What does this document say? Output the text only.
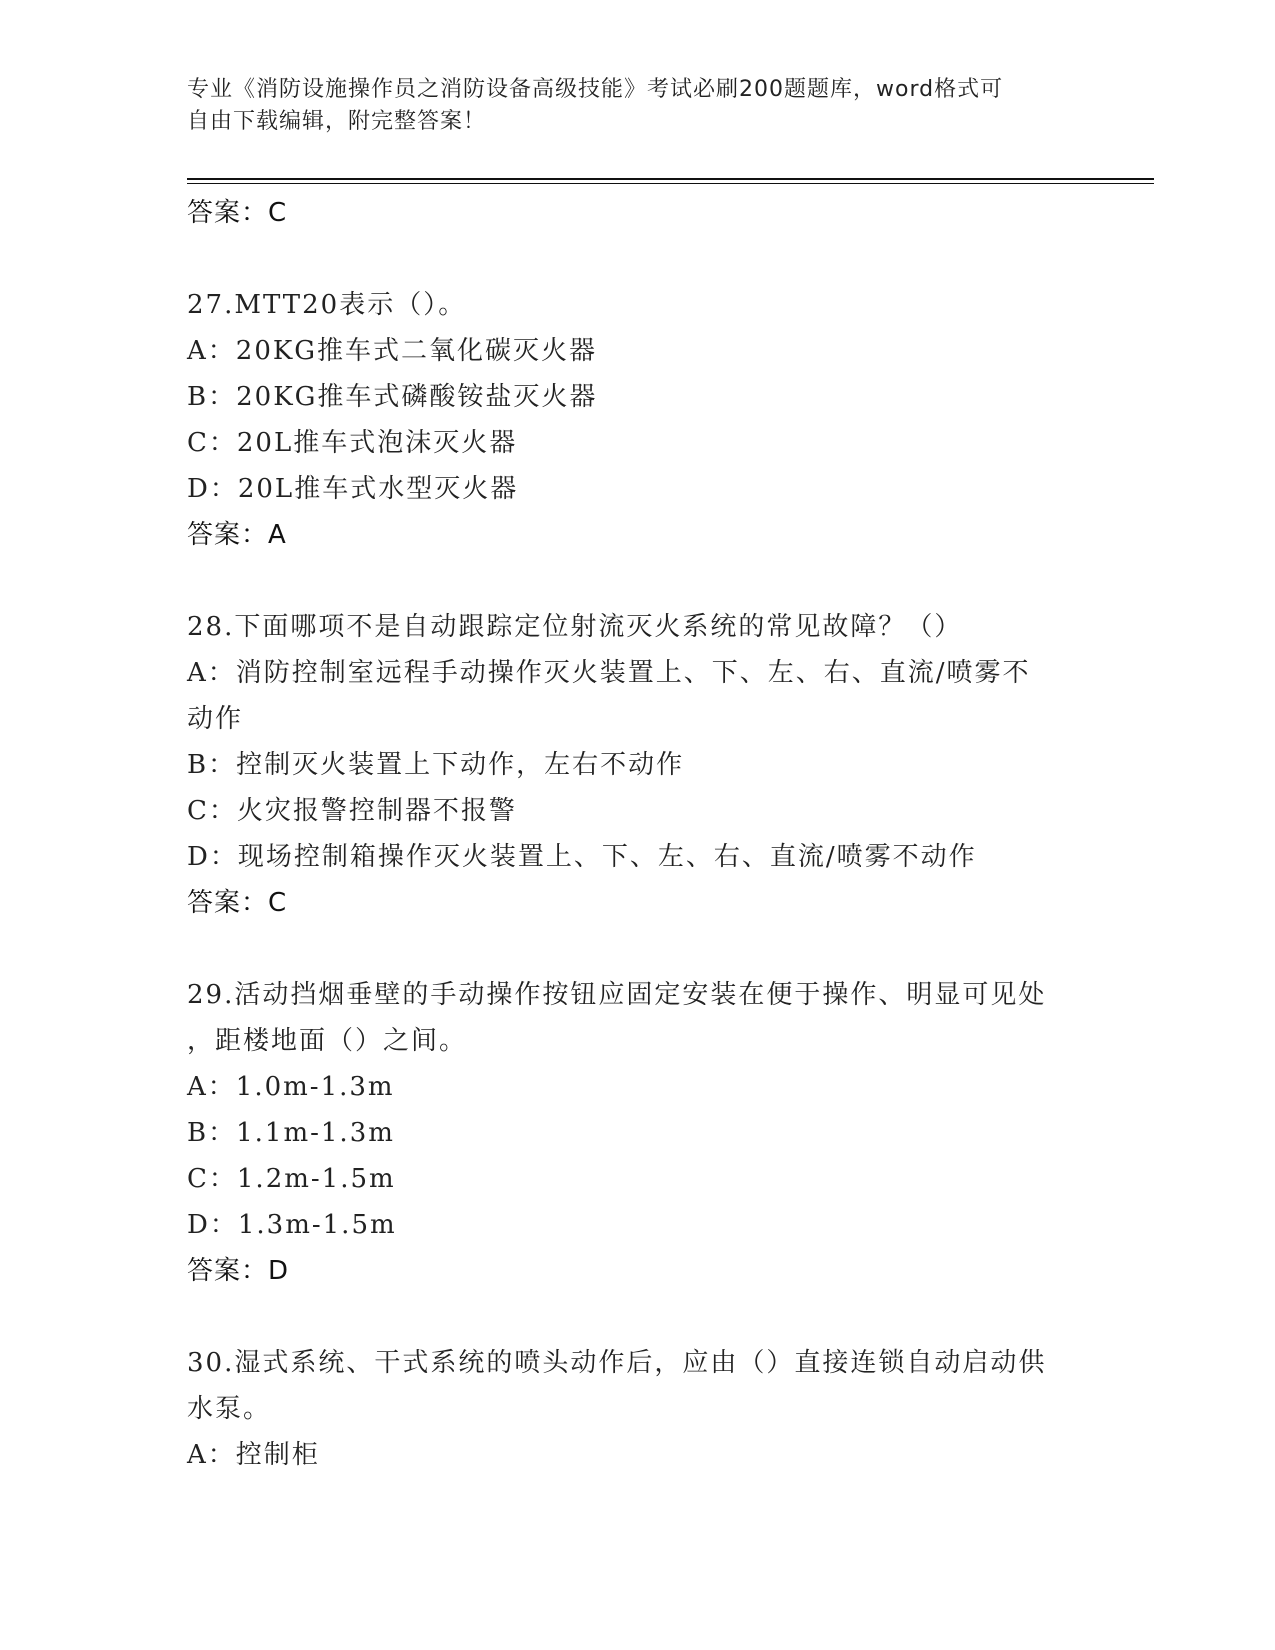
专业《消防设施操作员之消防设备高级技能》考试必刷200题题库，word格式可
自由下载编辑，附完整答案！
答案：C
27.MTT20表示（）。
A：20KG推车式二氧化碳灭火器
B：20KG推车式磷酸铵盐灭火器
C：20L推车式泡沫灭火器
D：20L推车式水型灭火器
答案：A
28.下面哪项不是自动跟踪定位射流灭火系统的常见故障？（）
A：消防控制室远程手动操作灭火装置上、下、左、右、直流/喷雾不
动作
B：控制灭火装置上下动作，左右不动作
C：火灾报警控制器不报警
D：现场控制箱操作灭火装置上、下、左、右、直流/喷雾不动作
答案：C
29.活动挡烟垂壁的手动操作按钮应固定安装在便于操作、明显可见处
，距楼地面（）之间。
A：1.0m-1.3m
B：1.1m-1.3m
C：1.2m-1.5m
D：1.3m-1.5m
答案：D
30.湿式系统、干式系统的喷头动作后，应由（）直接连锁自动启动供
水泵。
A：控制柜
